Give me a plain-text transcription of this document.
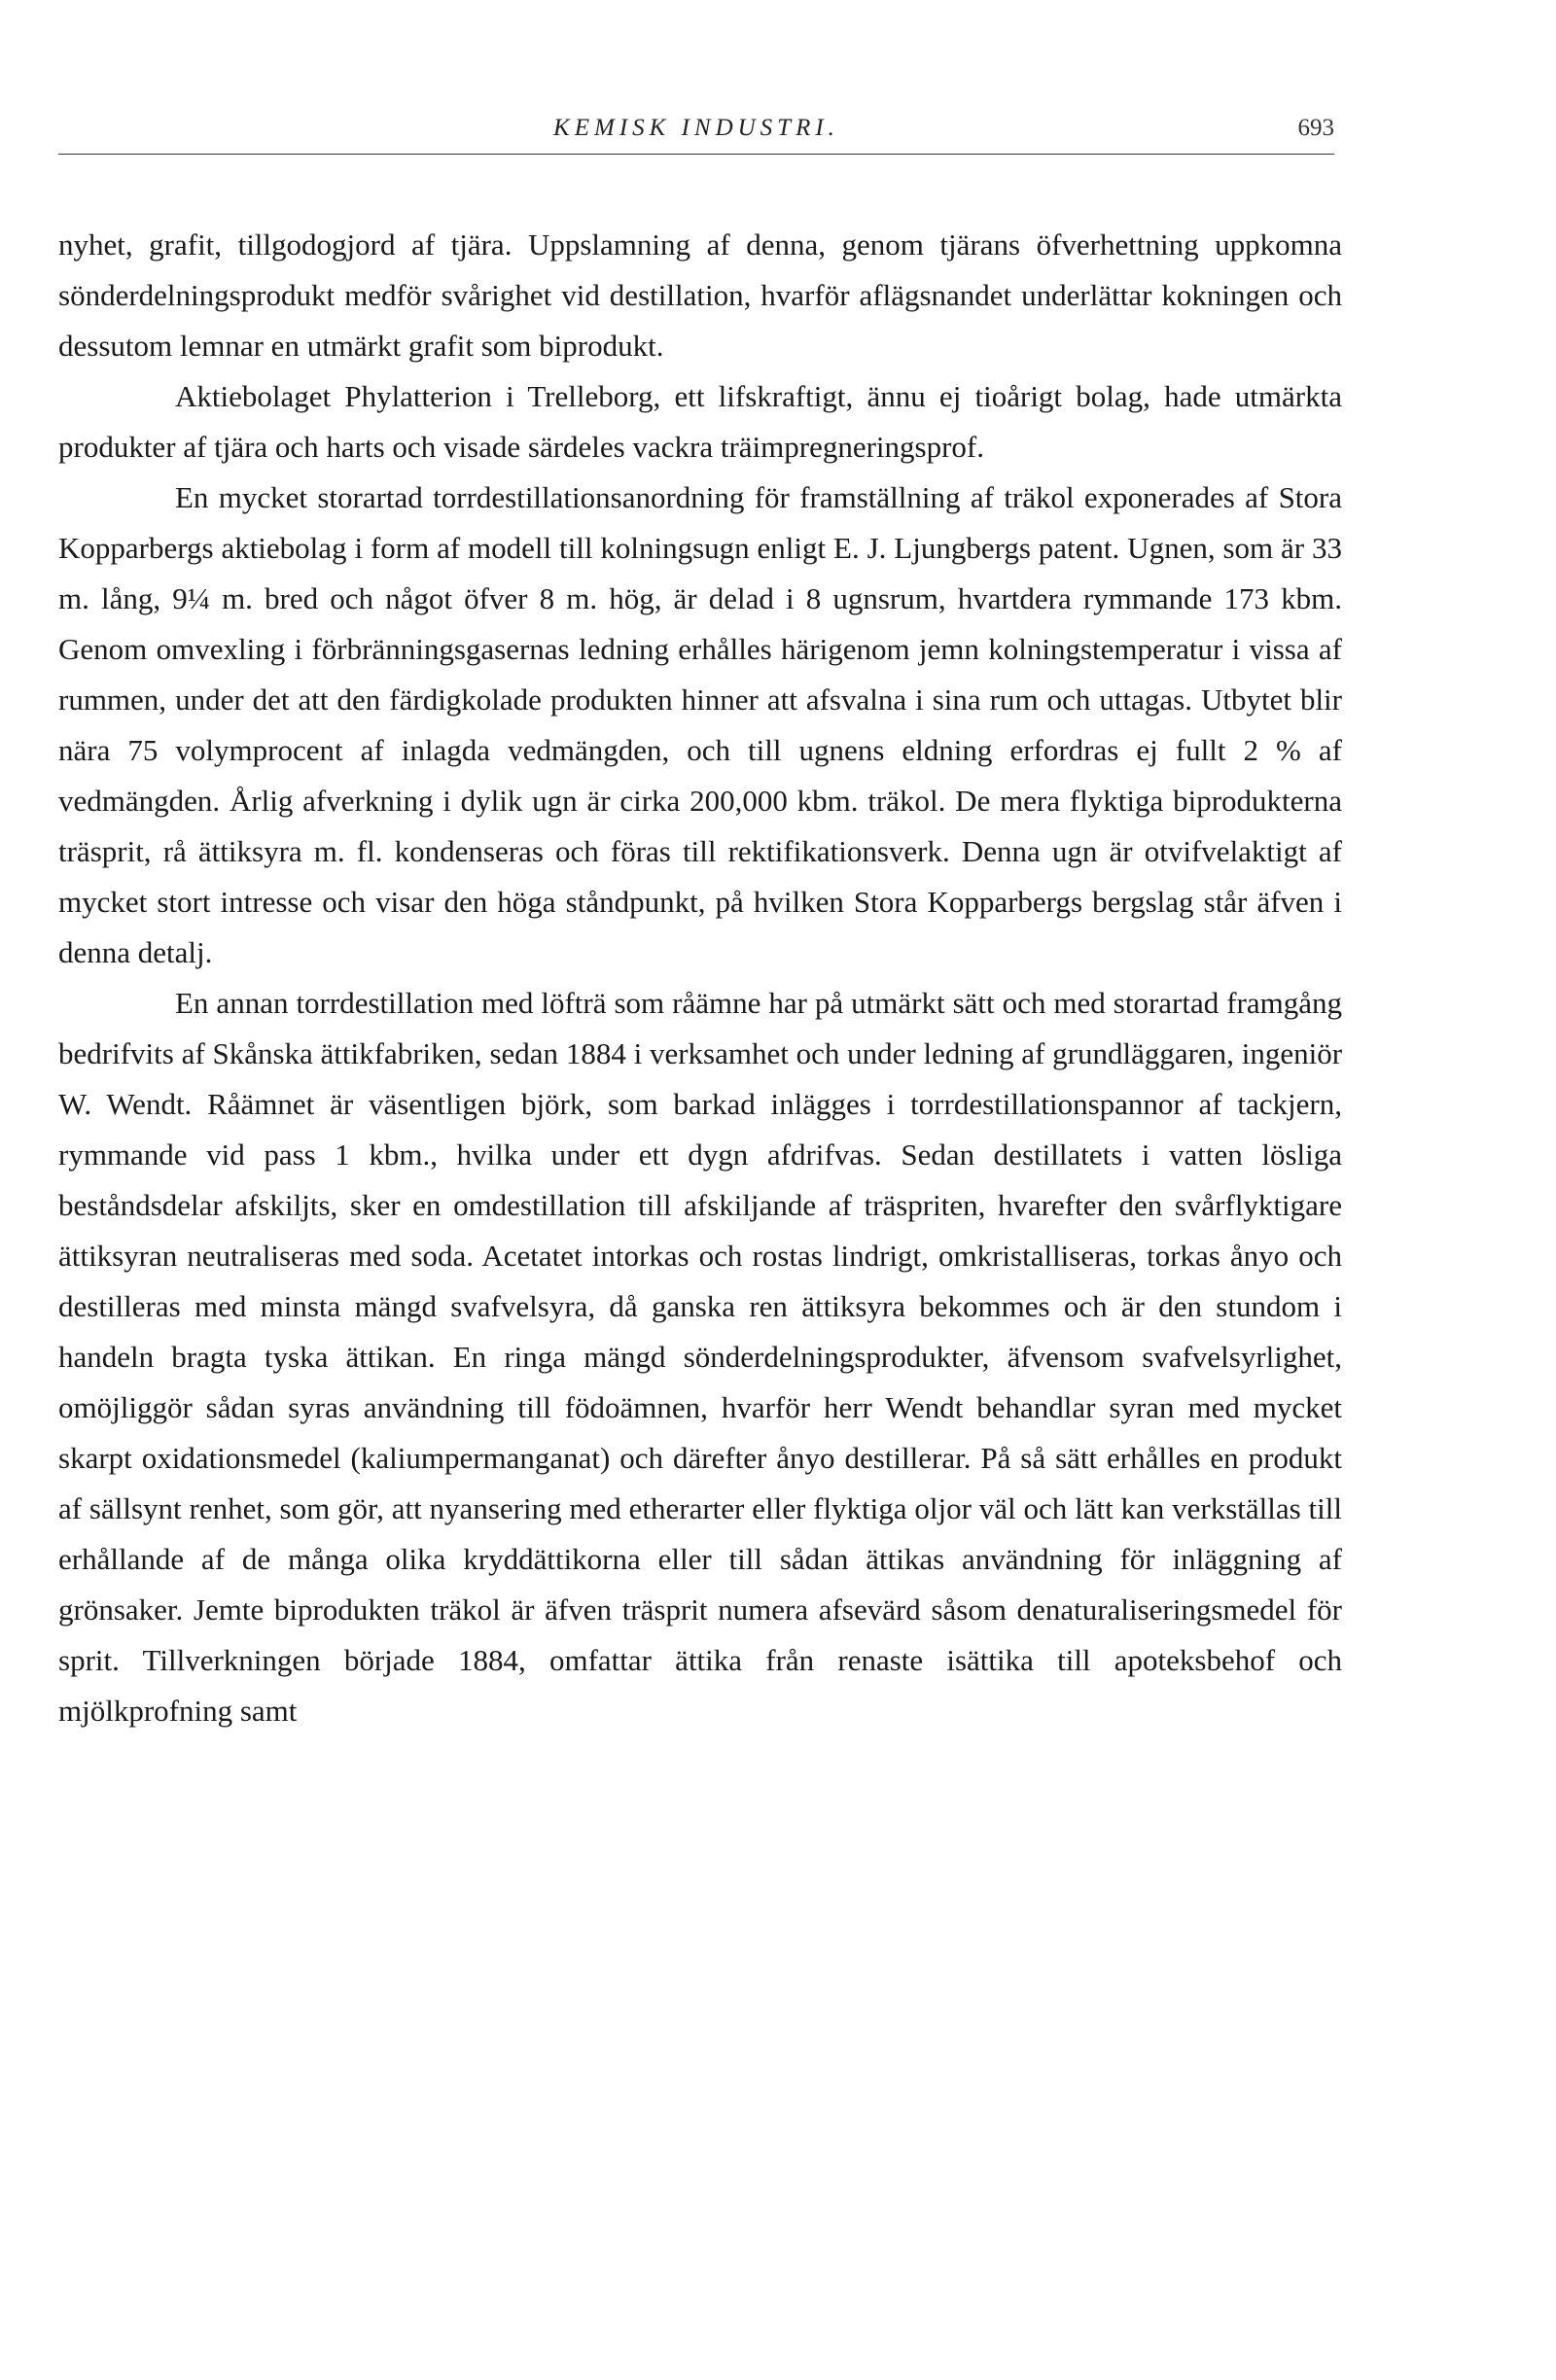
KEMISK INDUSTRI.	693

nyhet, grafit, tillgodogjord af tjära. Uppslamning af denna, genom tjärans öfverhettning uppkomna sönderdelningsprodukt medför svårighet vid destillation, hvarför aflägsnandet underlättar kokningen och dessutom lemnar en utmärkt grafit som biprodukt.

Aktiebolaget Phylatterion i Trelleborg, ett lifskraftigt, ännu ej tioårigt bolag, hade utmärkta produkter af tjära och harts och visade särdeles vackra träimpregneringsprof.

En mycket storartad torrdestillationsanordning för framställning af träkol exponerades af Stora Kopparbergs aktiebolag i form af modell till kolningsugn enligt E. J. Ljungbergs patent. Ugnen, som är 33 m. lång, 9¼ m. bred och något öfver 8 m. hög, är delad i 8 ugnsrum, hvartdera rymmande 173 kbm. Genom omvexling i förbränningsgasernas ledning erhålles härigenom jemn kolningstemperatur i vissa af rummen, under det att den färdigkolade produkten hinner att afsvalna i sina rum och uttagas. Utbytet blir nära 75 volymprocent af inlagda vedmängden, och till ugnens eldning erfordras ej fullt 2 % af vedmängden. Årlig afverkning i dylik ugn är cirka 200,000 kbm. träkol. De mera flyktiga biprodukterna träsprit, rå ättiksyra m. fl. kondenseras och föras till rektifikationsverk. Denna ugn är otvifvelaktigt af mycket stort intresse och visar den höga ståndpunkt, på hvilken Stora Kopparbergs bergslag står äfven i denna detalj.

En annan torrdestillation med löfträ som råämne har på utmärkt sätt och med storartad framgång bedrifvits af Skånska ättikfabriken, sedan 1884 i verksamhet och under ledning af grundläggaren, ingeniör W. Wendt. Råämnet är väsentligen björk, som barkad inlägges i torrdestillationspannor af tackjern, rymmande vid pass 1 kbm., hvilka under ett dygn afdrifvas. Sedan destillatets i vatten lösliga beståndsdelar afskiljts, sker en omdestillation till afskiljande af träspriten, hvarefter den svårflyktigare ättiksyran neutraliseras med soda. Acetatet intorkas och rostas lindrigt, omkristalliseras, torkas ånyo och destilleras med minsta mängd svafvelsyra, då ganska ren ättiksyra bekommes och är den stundom i handeln bragta tyska ättikan. En ringa mängd sönderdelningsprodukter, äfvensom svafvelsyrlighet, omöjliggör sådan syras användning till födoämnen, hvarför herr Wendt behandlar syran med mycket skarpt oxidationsmedel (kaliumpermanganat) och därefter ånyo destillerar. På så sätt erhålles en produkt af sällsynt renhet, som gör, att nyansering med etherarter eller flyktiga oljor väl och lätt kan verkställas till erhållande af de många olika kryddättikorna eller till sådan ättikas användning för inläggning af grönsaker. Jemte biprodukten träkol är äfven träsprit numera afsevärd såsom denaturaliseringsmedel för sprit. Tillverkningen började 1884, omfattar ättika från renaste isättika till apoteksbehof och mjölkprofning samt
